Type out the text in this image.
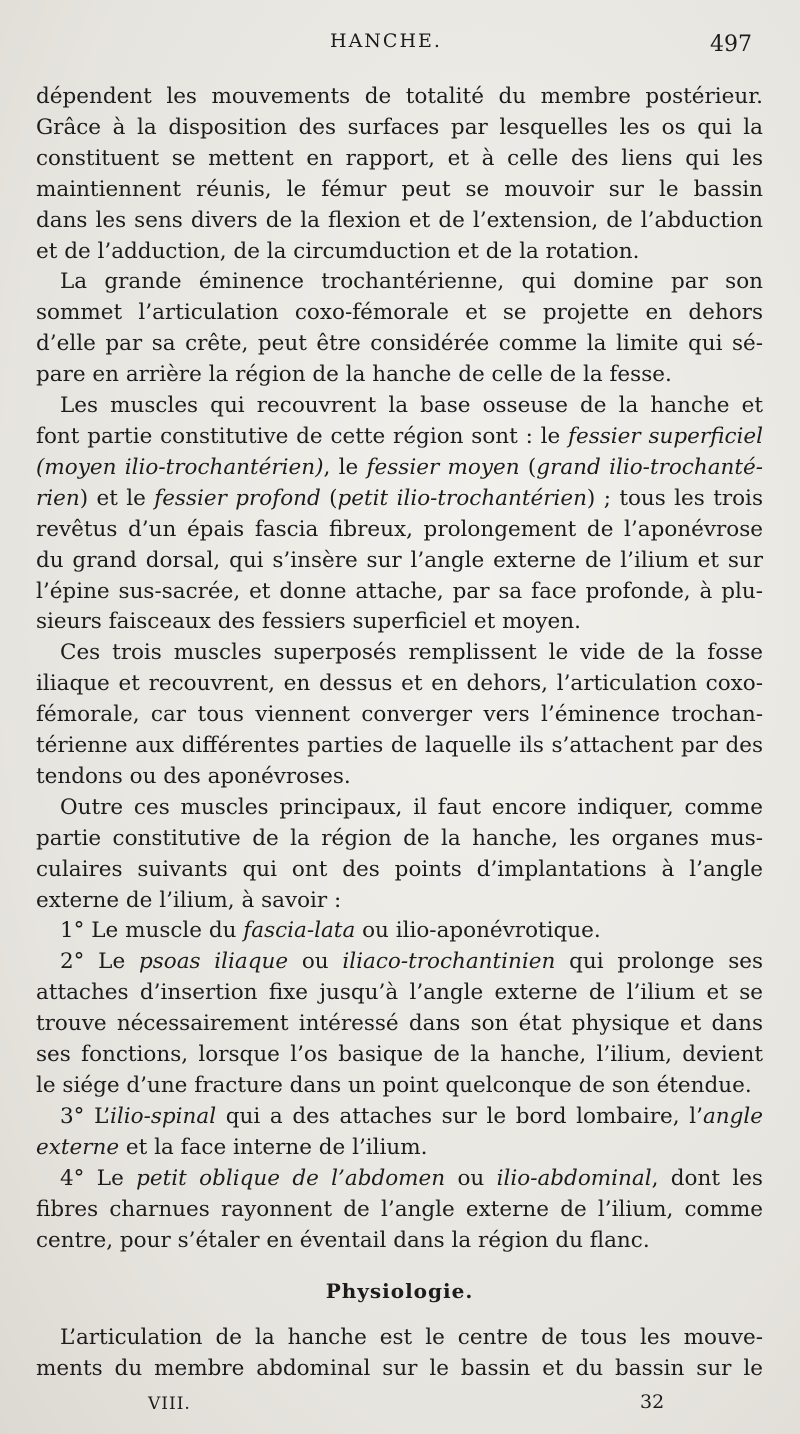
HANCHE.	497
dépendent les mouvements de totalité du membre postérieur.
Grâce à la disposition des surfaces par lesquelles les os qui la
constituent se mettent en rapport, et à celle des liens qui les
maintiennent réunis, le fémur peut se mouvoir sur le bassin
dans les sens divers de la flexion et de l’extension, de l’abduction
et de l’adduction, de la circumduction et de la rotation.
La grande éminence trochantérienne, qui domine par son
sommet l’articulation coxo-fémorale et se projette en dehors
d’elle par sa crête, peut être considérée comme la limite qui sé-
pare en arrière la région de la hanche de celle de la fesse.
Les muscles qui recouvrent la base osseuse de la hanche et
font partie constitutive de cette région sont : le fessier superficiel
(moyen ilio-trochantérien), le fessier moyen (grand ilio-trochanté-
rien) et le fessier profond (petit ilio-trochantérien) ; tous les trois
revêtus d’un épais fascia fibreux, prolongement de l’aponévrose
du grand dorsal, qui s’insère sur l’angle externe de l’ilium et sur
l’épine sus-sacrée, et donne attache, par sa face profonde, à plu-
sieurs faisceaux des fessiers superficiel et moyen.
Ces trois muscles superposés remplissent le vide de la fosse
iliaque et recouvrent, en dessus et en dehors, l’articulation coxo-
fémorale, car tous viennent converger vers l’éminence trochan-
térienne aux différentes parties de laquelle ils s’attachent par des
tendons ou des aponévroses.
Outre ces muscles principaux, il faut encore indiquer, comme
partie constitutive de la région de la hanche, les organes mus-
culaires suivants qui ont des points d’implantations à l’angle
externe de l’ilium, à savoir :
1° Le muscle du fascia-lata ou ilio-aponévrotique.
2° Le psoas iliaque ou iliaco-trochantinien qui prolonge ses
attaches d’insertion fixe jusqu’à l’angle externe de l’ilium et se
trouve nécessairement intéressé dans son état physique et dans
ses fonctions, lorsque l’os basique de la hanche, l’ilium, devient
le siége d’une fracture dans un point quelconque de son étendue.
3° L’ilio-spinal qui a des attaches sur le bord lombaire, l’angle
externe et la face interne de l’ilium.
4° Le petit oblique de l’abdomen ou ilio-abdominal, dont les
fibres charnues rayonnent de l’angle externe de l’ilium, comme
centre, pour s’étaler en éventail dans la région du flanc.
Physiologie.
L’articulation de la hanche est le centre de tous les mouve-
ments du membre abdominal sur le bassin et du bassin sur le
VIII.	32
